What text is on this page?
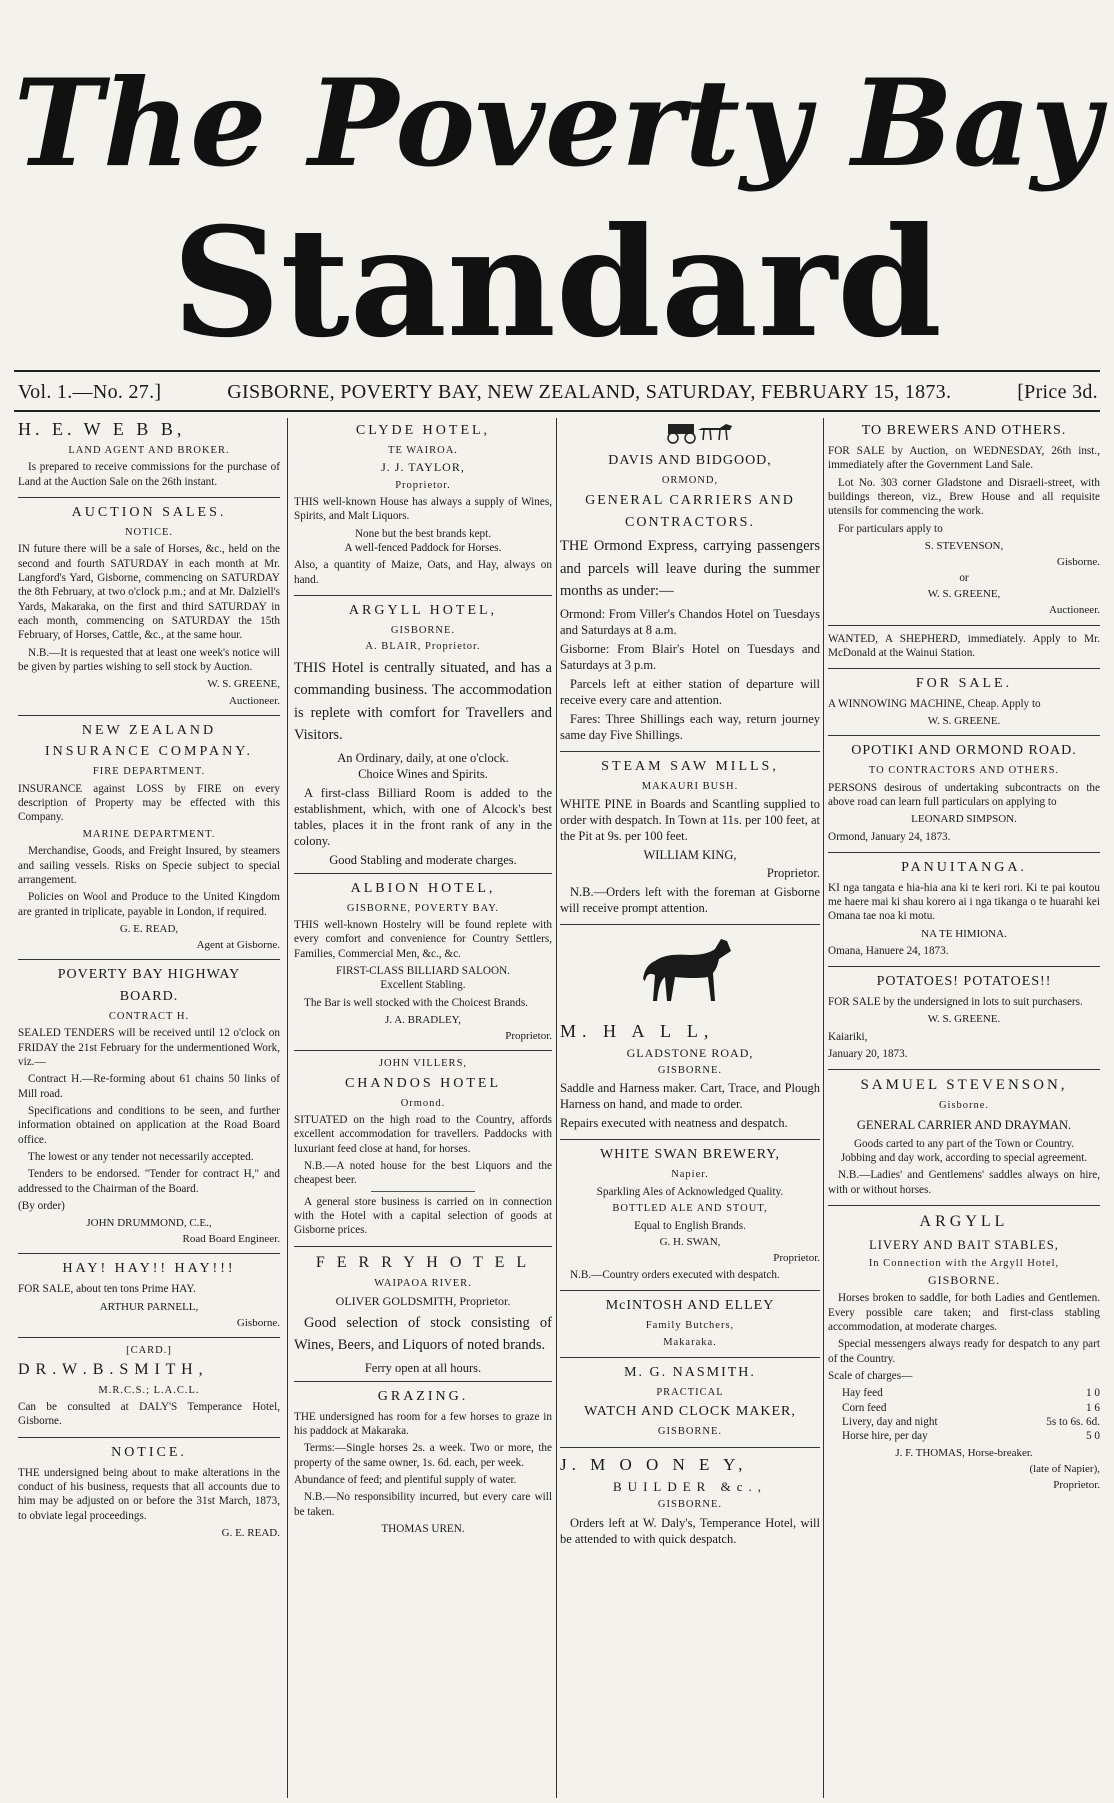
The Poverty Bay
Standard
Vol. 1.—No. 27.]	GISBORNE, POVERTY BAY, NEW ZEALAND, SATURDAY, FEBRUARY 15, 1873.	[Price 3d.
H. E. W E B B,
LAND AGENT AND BROKER.
Is prepared to receive commissions for the purchase of Land at the Auction Sale on the 26th instant.
AUCTION SALES.
NOTICE.
IN future there will be a sale of Horses, &c., held on the second and fourth SATURDAY in each month at Mr. Langford's Yard, Gisborne, commencing on SATURDAY the 8th February, at two o'clock p.m.; and at Mr. Dalziell's Yards, Makaraka, on the first and third SATURDAY in each month, commencing on SATURDAY the 15th February, of Horses, Cattle, &c., at the same hour.
N.B.—It is requested that at least one week's notice will be given by parties wishing to sell stock by Auction.
W. S. GREENE,
Auctioneer.
NEW ZEALAND
INSURANCE COMPANY.
FIRE DEPARTMENT.
INSURANCE against LOSS by FIRE on every description of Property may be effected with this Company.
MARINE DEPARTMENT.
Merchandise, Goods, and Freight Insured, by steamers and sailing vessels. Risks on Specie subject to special arrangement.
Policies on Wool and Produce to the United Kingdom are granted in triplicate, payable in London, if required.
G. E. READ,
Agent at Gisborne.
POVERTY BAY HIGHWAY
BOARD.
CONTRACT H.
SEALED TENDERS will be received until 12 o'clock on FRIDAY the 21st February for the undermentioned Work, viz.—
Contract H.—Re-forming about 61 chains 50 links of Mill road.
Specifications and conditions to be seen, and further information obtained on application at the Road Board office.
The lowest or any tender not necessarily accepted.
Tenders to be endorsed. "Tender for contract H," and addressed to the Chairman of the Board.
(By order)
JOHN DRUMMOND, C.E.,
Road Board Engineer.
HAY! HAY!! HAY!!!
FOR SALE, about ten tons Prime HAY.
ARTHUR PARNELL,
Gisborne.
[CARD.]
D R . W . B . S M I T H ,
M.R.C.S.; L.A.C.L.
Can be consulted at DALY'S Temperance Hotel, Gisborne.
NOTICE.
THE undersigned being about to make alterations in the conduct of his business, requests that all accounts due to him may be adjusted on or before the 31st March, 1873, to obviate legal proceedings.
G. E. READ.
CLYDE HOTEL,
TE WAIROA.
J. J. TAYLOR,
Proprietor.
THIS well-known House has always a supply of Wines, Spirits, and Malt Liquors.
None but the best brands kept.
A well-fenced Paddock for Horses.
Also, a quantity of Maize, Oats, and Hay, always on hand.
ARGYLL HOTEL,
GISBORNE.
A. BLAIR, Proprietor.
THIS Hotel is centrally situated, and has a commanding business. The accommodation is replete with comfort for Travellers and Visitors.
An Ordinary, daily, at one o'clock.
Choice Wines and Spirits.
A first-class Billiard Room is added to the establishment, which, with one of Alcock's best tables, places it in the front rank of any in the colony.
Good Stabling and moderate charges.
ALBION HOTEL,
GISBORNE, POVERTY BAY.
THIS well-known Hostelry will be found replete with every comfort and convenience for Country Settlers, Families, Commercial Men, &c., &c.
FIRST-CLASS BILLIARD SALOON.
Excellent Stabling.
The Bar is well stocked with the Choicest Brands.
J. A. BRADLEY,
Proprietor.
JOHN VILLERS,
CHANDOS HOTEL
Ormond.
SITUATED on the high road to the Country, affords excellent accommodation for travellers. Paddocks with luxuriant feed close at hand, for horses.
N.B.—A noted house for the best Liquors and the cheapest beer.
A general store business is carried on in connection with the Hotel with a capital selection of goods at Gisborne prices.
F E R R Y H O T E L
WAIPAOA RIVER.
OLIVER GOLDSMITH, Proprietor.
Good selection of stock consisting of Wines, Beers, and Liquors of noted brands.
Ferry open at all hours.
GRAZING.
THE undersigned has room for a few horses to graze in his paddock at Makaraka.
Terms:—Single horses 2s. a week. Two or more, the property of the same owner, 1s. 6d. each, per week.
Abundance of feed; and plentiful supply of water.
N.B.—No responsibility incurred, but every care will be taken.
THOMAS UREN.
DAVIS AND BIDGOOD,
ORMOND,
GENERAL CARRIERS AND
CONTRACTORS.
THE Ormond Express, carrying passengers and parcels will leave during the summer months as under:—
Ormond: From Viller's Chandos Hotel on Tuesdays and Saturdays at 8 a.m.
Gisborne: From Blair's Hotel on Tuesdays and Saturdays at 3 p.m.
Parcels left at either station of departure will receive every care and attention.
Fares: Three Shillings each way, return journey same day Five Shillings.
STEAM SAW MILLS,
MAKAURI BUSH.
WHITE PINE in Boards and Scantling supplied to order with despatch. In Town at 11s. per 100 feet, at the Pit at 9s. per 100 feet.
WILLIAM KING,
Proprietor.
N.B.—Orders left with the foreman at Gisborne will receive prompt attention.
M. H A L L,
GLADSTONE ROAD,
GISBORNE.
Saddle and Harness maker. Cart, Trace, and Plough Harness on hand, and made to order.
Repairs executed with neatness and despatch.
WHITE SWAN BREWERY,
Napier.
Sparkling Ales of Acknowledged Quality.
BOTTLED ALE AND STOUT,
Equal to English Brands.
G. H. SWAN,
Proprietor.
N.B.—Country orders executed with despatch.
McINTOSH AND ELLEY
Family Butchers,
Makaraka.
M. G. NASMITH.
PRACTICAL
WATCH AND CLOCK MAKER,
GISBORNE.
J. M O O N E Y,
BUILDER &c.,
GISBORNE.
Orders left at W. Daly's, Temperance Hotel, will be attended to with quick despatch.
TO BREWERS AND OTHERS.
FOR SALE by Auction, on WEDNESDAY, 26th inst., immediately after the Government Land Sale.
Lot No. 303 corner Gladstone and Disraeli-street, with buildings thereon, viz., Brew House and all requisite utensils for commencing the work.
For particulars apply to
S. STEVENSON,
Gisborne.
or
W. S. GREENE,
Auctioneer.
WANTED, A SHEPHERD, immediately. Apply to Mr. McDonald at the Wainui Station.
FOR SALE.
A WINNOWING MACHINE, Cheap. Apply to
W. S. GREENE.
OPOTIKI AND ORMOND ROAD.
TO CONTRACTORS AND OTHERS.
PERSONS desirous of undertaking subcontracts on the above road can learn full particulars on applying to
LEONARD SIMPSON.
Ormond, January 24, 1873.
PANUITANGA.
KI nga tangata e hia-hia ana ki te keri rori. Ki te pai koutou me haere mai ki shau korero ai i nga tikanga o te huarahi kei Omana tae noa ki motu.
NA TE HIMIONA.
Omana, Hanuere 24, 1873.
POTATOES! POTATOES!!
FOR SALE by the undersigned in lots to suit purchasers.
W. S. GREENE.
Kaiariki,
January 20, 1873.
SAMUEL STEVENSON,
Gisborne.
GENERAL CARRIER AND DRAYMAN.
Goods carted to any part of the Town or Country.
Jobbing and day work, according to special agreement.
N.B.—Ladies' and Gentlemens' saddles always on hire, with or without horses.
ARGYLL
LIVERY AND BAIT STABLES,
In Connection with the Argyll Hotel,
GISBORNE.
Horses broken to saddle, for both Ladies and Gentlemen. Every possible care taken; and first-class stabling accommodation, at moderate charges.
Special messengers always ready for despatch to any part of the Country.
Scale of charges—
Hay feed	1 0
Corn feed	1 6
Livery, day and night	5s to 6s. 6d.
Horse hire, per day	5 0
J. F. THOMAS, Horse-breaker.
(late of Napier),
Proprietor.
